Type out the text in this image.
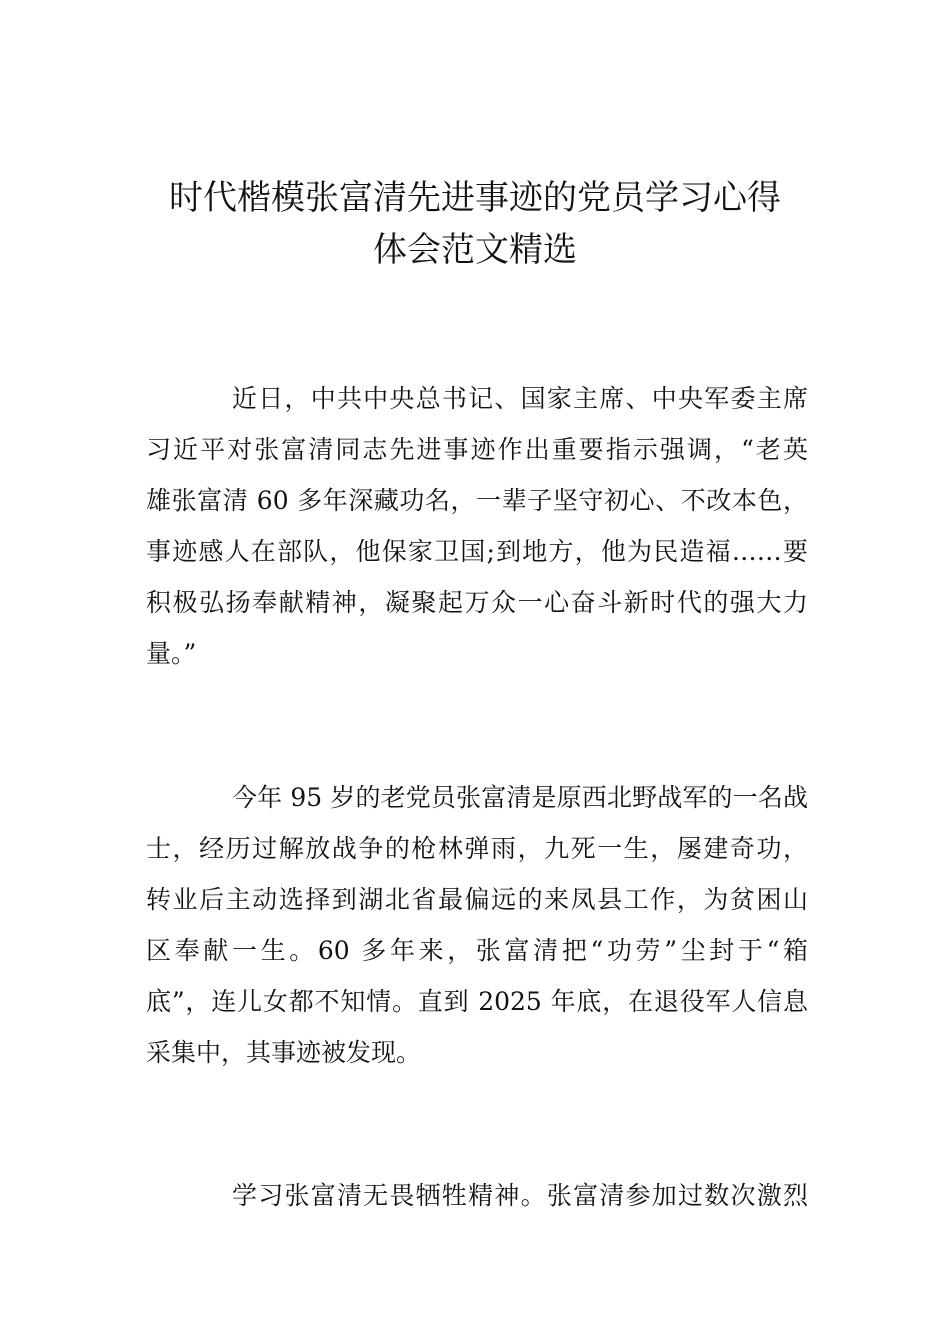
时代楷模张富清先进事迹的党员学习心得
体会范文精选
近日，中共中央总书记、国家主席、中央军委主席
习近平对张富清同志先进事迹作出重要指示强调，“老英
雄张富清 60 多年深藏功名，一辈子坚守初心、不改本色，
事迹感人在部队，他保家卫国;到地方，他为民造福……要
积极弘扬奉献精神，凝聚起万众一心奋斗新时代的强大力
量。”
今年 95 岁的老党员张富清是原西北野战军的一名战
士，经历过解放战争的枪林弹雨，九死一生，屡建奇功，
转业后主动选择到湖北省最偏远的来凤县工作，为贫困山
区奉献一生。60 多年来，张富清把“功劳”尘封于“箱
底”，连儿女都不知情。直到 2025 年底，在退役军人信息
采集中，其事迹被发现。
学习张富清无畏牺牲精神。张富清参加过数次激烈
